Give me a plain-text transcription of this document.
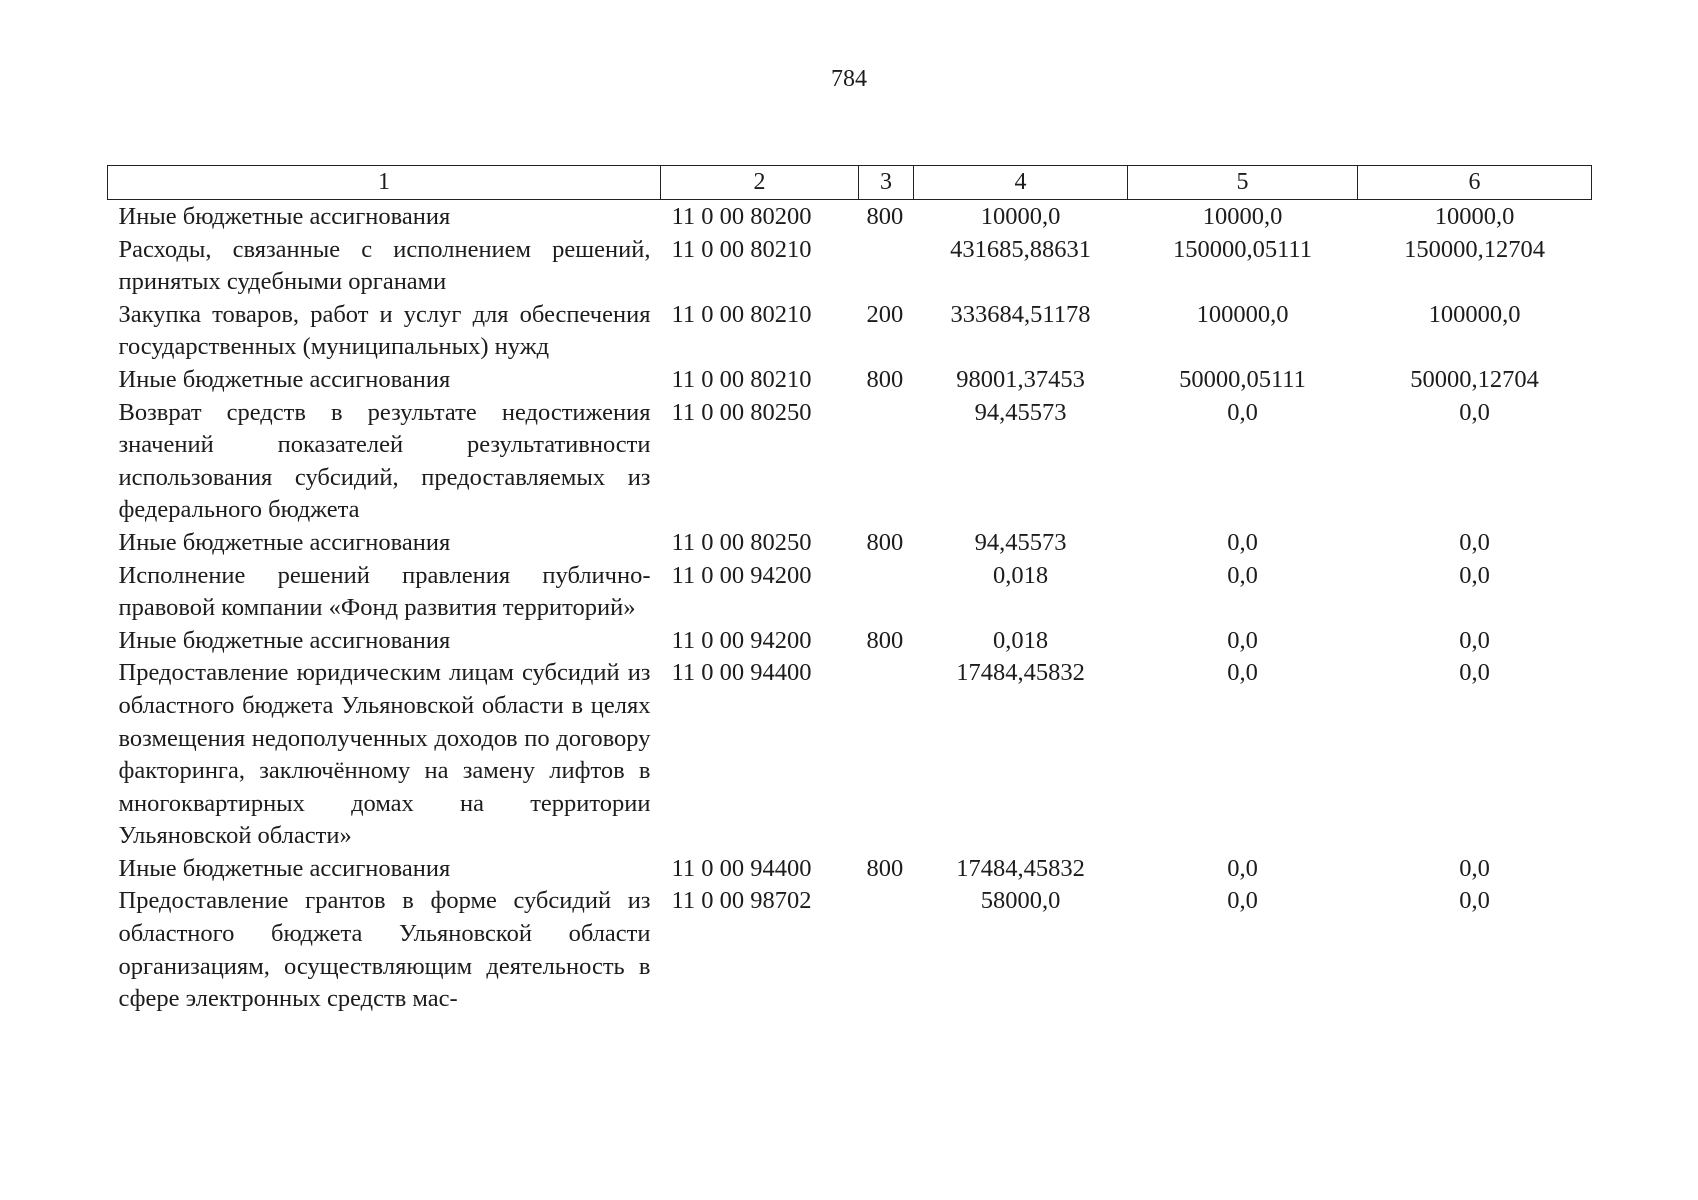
784
1	2	3	4	5	6
Иные бюджетные ассигнования	11 0 00 80200	800	10000,0	10000,0	10000,0
Расходы, связанные с исполнением решений, принятых судебными органами	11 0 00 80210		431685,88631	150000,05111	150000,12704
Закупка товаров, работ и услуг для обеспечения государственных (муниципальных) нужд	11 0 00 80210	200	333684,51178	100000,0	100000,0
Иные бюджетные ассигнования	11 0 00 80210	800	98001,37453	50000,05111	50000,12704
Возврат средств в результате недостижения значений показателей результативности использования субсидий, предоставляемых из федерального бюджета	11 0 00 80250		94,45573	0,0	0,0
Иные бюджетные ассигнования	11 0 00 80250	800	94,45573	0,0	0,0
Исполнение решений правления публично-правовой компании «Фонд развития территорий»	11 0 00 94200		0,018	0,0	0,0
Иные бюджетные ассигнования	11 0 00 94200	800	0,018	0,0	0,0
Предоставление юридическим лицам субсидий из областного бюджета Ульяновской области в целях возмещения недополученных доходов по договору факторинга, заключённому на замену лифтов в многоквартирных домах на территории Ульяновской области»	11 0 00 94400		17484,45832	0,0	0,0
Иные бюджетные ассигнования	11 0 00 94400	800	17484,45832	0,0	0,0
Предоставление грантов в форме субсидий из областного бюджета Ульяновской области организациям, осуществляющим деятельность в сфере электронных средств мас-	11 0 00 98702		58000,0	0,0	0,0
